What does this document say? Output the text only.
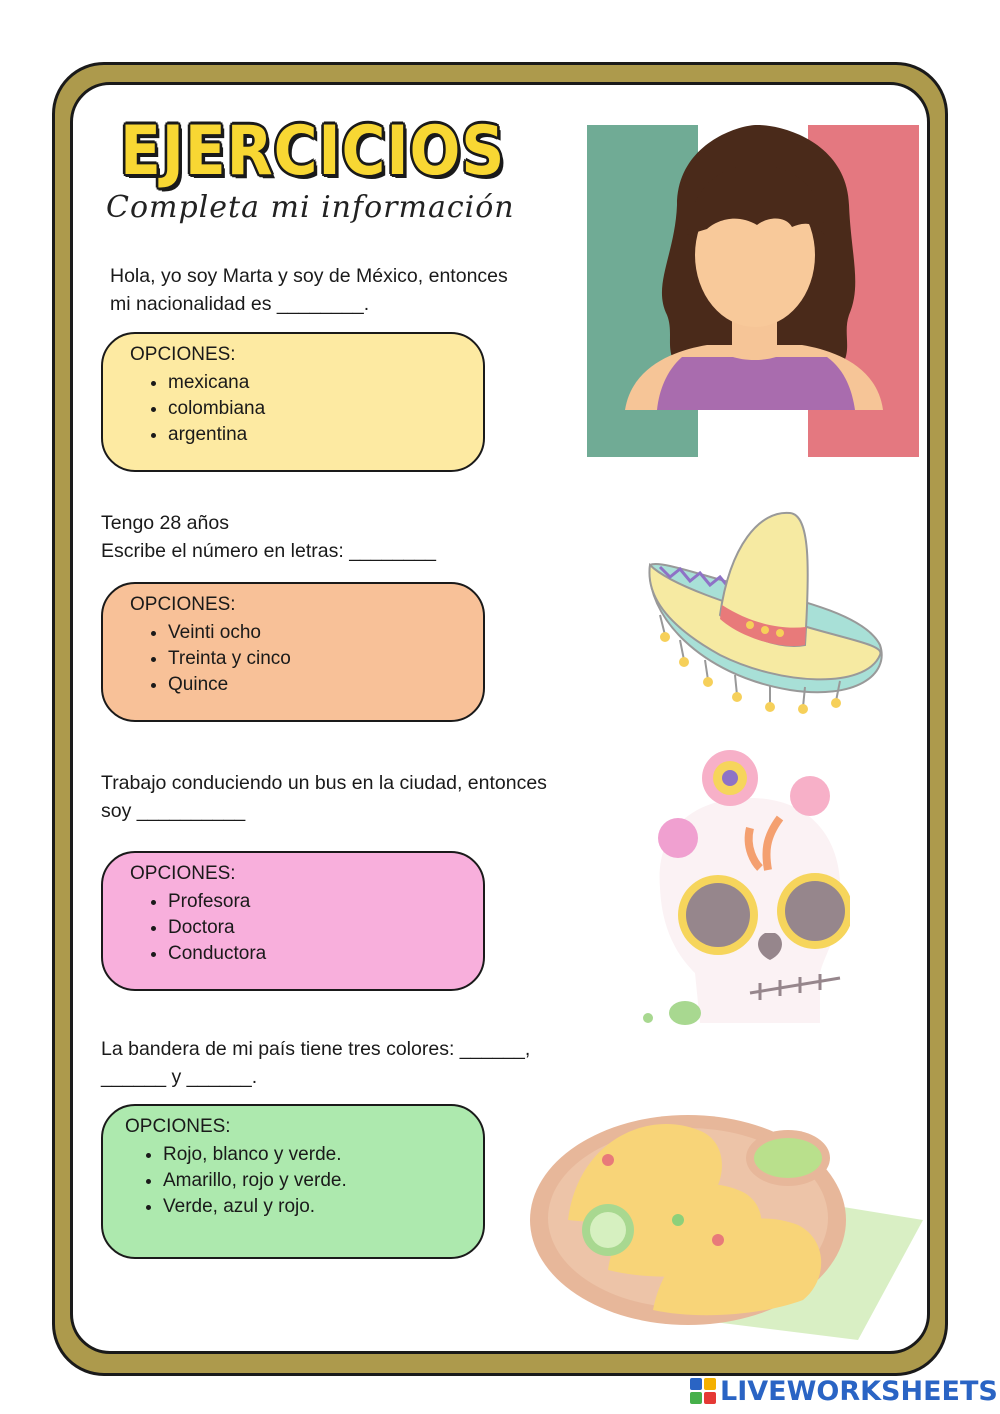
EJERCICIOS
Completa mi información
Hola, yo soy Marta y soy de México, entonces
mi nacionalidad es ________.
OPCIONES:
• mexicana
• colombiana
• argentina
Tengo 28 años
Escribe el número en letras: ________
OPCIONES:
• Veinti ocho
• Treinta y cinco
• Quince
Trabajo conduciendo un bus en la ciudad, entonces
soy __________
OPCIONES:
• Profesora
• Doctora
• Conductora
La bandera de mi país tiene tres colores: ______,
______ y ______.
OPCIONES:
• Rojo, blanco y verde.
• Amarillo, rojo y verde.
• Verde, azul y rojo.
LIVEWORKSHEETS
